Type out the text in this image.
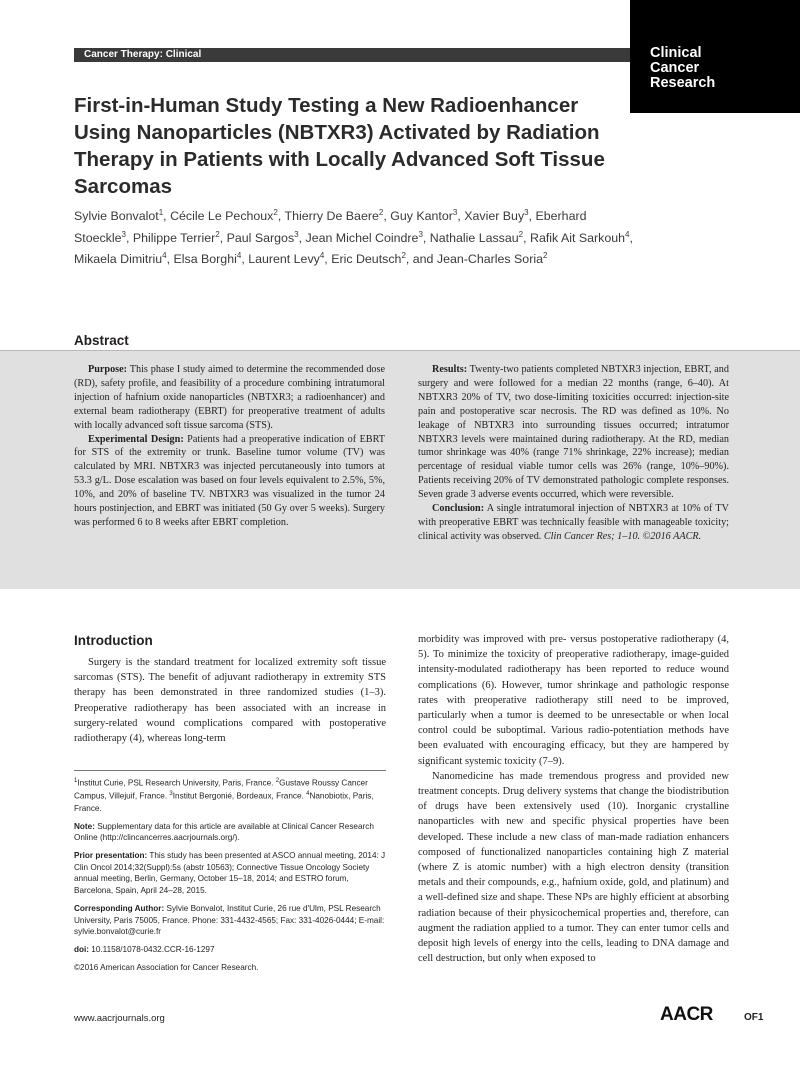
Cancer Therapy: Clinical	Clinical
Cancer
Research
First-in-Human Study Testing a New Radioenhancer Using Nanoparticles (NBTXR3) Activated by Radiation Therapy in Patients with Locally Advanced Soft Tissue Sarcomas

Sylvie Bonvalot$^1$, Cécile Le Pechoux$^2$, Thierry De Baere$^2$, Guy Kantor$^3$, Xavier Buy$^3$, Eberhard Stoeckle$^3$, Philippe Terrier$^2$, Paul Sargos$^3$, Jean Michel Coindre$^3$, Nathalie Lassau$^2$, Rafik Ait Sarkouh$^4$, Mikaela Dimitriu$^4$, Elsa Borghi$^4$, Laurent Levy$^4$, Eric Deutsch$^2$, and Jean-Charles Soria$^2$

Abstract

Purpose: This phase I study aimed to determine the recommended dose (RD), safety profile, and feasibility of a procedure combining intratumoral injection of hafnium oxide nanoparticles (NBTXR3; a radioenhancer) and external beam radiotherapy (EBRT) for preoperative treatment of adults with locally advanced soft tissue sarcoma (STS).

Experimental Design: Patients had a preoperative indication of EBRT for STS of the extremity or trunk. Baseline tumor volume (TV) was calculated by MRI. NBTXR3 was injected percutaneously into tumors at 53.3 g/L. Dose escalation was based on four levels equivalent to 2.5%, 5%, 10%, and 20% of baseline TV. NBTXR3 was visualized in the tumor 24 hours postinjection, and EBRT was initiated (50 Gy over 5 weeks). Surgery was performed 6 to 8 weeks after EBRT completion.

Results: Twenty-two patients completed NBTXR3 injection, EBRT, and surgery and were followed for a median 22 months (range, 6–40). At NBTXR3 20% of TV, two dose-limiting toxicities occurred: injection-site pain and postoperative scar necrosis. The RD was defined as 10%. No leakage of NBTXR3 into surrounding tissues occurred; intratumor NBTXR3 levels were maintained during radiotherapy. At the RD, median tumor shrinkage was 40% (range 71% shrinkage, 22% increase); median percentage of residual viable tumor cells was 26% (range, 10%–90%). Patients receiving 20% of TV demonstrated pathologic complete responses. Seven grade 3 adverse events occurred, which were reversible.

Conclusion: A single intratumoral injection of NBTXR3 at 10% of TV with preoperative EBRT was technically feasible with manageable toxicity; clinical activity was observed. Clin Cancer Res; 1–10. ©2016 AACR.

Introduction

Surgery is the standard treatment for localized extremity soft tissue sarcomas (STS). The benefit of adjuvant radiotherapy in extremity STS therapy has been demonstrated in three randomized studies (1–3). Preoperative radiotherapy has been associated with an increase in surgery-related wound complications compared with postoperative radiotherapy (4), whereas long-term

morbidity was improved with pre- versus postoperative radiotherapy (4, 5). To minimize the toxicity of preoperative radiotherapy, image-guided intensity-modulated radiotherapy has been reported to reduce wound complications (6). However, tumor shrinkage and pathologic response rates with preoperative radiotherapy still need to be improved, particularly when a tumor is deemed to be unresectable or when local control could be suboptimal. Various radio-potentiation methods have been evaluated with encouraging efficacy, but they are hampered by significant systemic toxicity (7–9).

Nanomedicine has made tremendous progress and provided new treatment concepts. Drug delivery systems that change the biodistribution of drugs have been extensively used (10). Inorganic crystalline nanoparticles with new and specific physical properties have been developed. These include a new class of man-made radiation enhancers composed of functionalized nanoparticles containing high Z material (where Z is atomic number) with a high electron density (transition metals and their compounds, e.g., hafnium oxide, gold, and platinum) and a well-defined size and shape. These NPs are highly efficient at absorbing radiation because of their physicochemical properties and, therefore, can augment the radiation applied to a tumor. They can enter tumor cells and deposit high levels of energy into the cells, leading to DNA damage and cell destruction, but only when exposed to

$^1$Institut Curie, PSL Research University, Paris, France. $^2$Gustave Roussy Cancer Campus, Villejuif, France. $^3$Institut Bergonié, Bordeaux, France. $^4$Nanobiotix, Paris, France.

Note: Supplementary data for this article are available at Clinical Cancer Research Online (http://clincancerres.aacrjournals.org/).

Prior presentation: This study has been presented at ASCO annual meeting, 2014: J Clin Oncol 2014;32(Suppl):5s (abstr 10563); Connective Tissue Oncology Society annual meeting, Berlin, Germany, October 15–18, 2014; and ESTRO forum, Barcelona, Spain, April 24–28, 2015.

Corresponding Author: Sylvie Bonvalot, Institut Curie, 26 rue d'Ulm, PSL Research University, Paris 75005, France. Phone: 331-4432-4565; Fax: 331-4026-0444; E-mail: sylvie.bonvalot@curie.fr

doi: 10.1158/1078-0432.CCR-16-1297

©2016 American Association for Cancer Research.

www.aacrjournals.org	AACR	OF1
